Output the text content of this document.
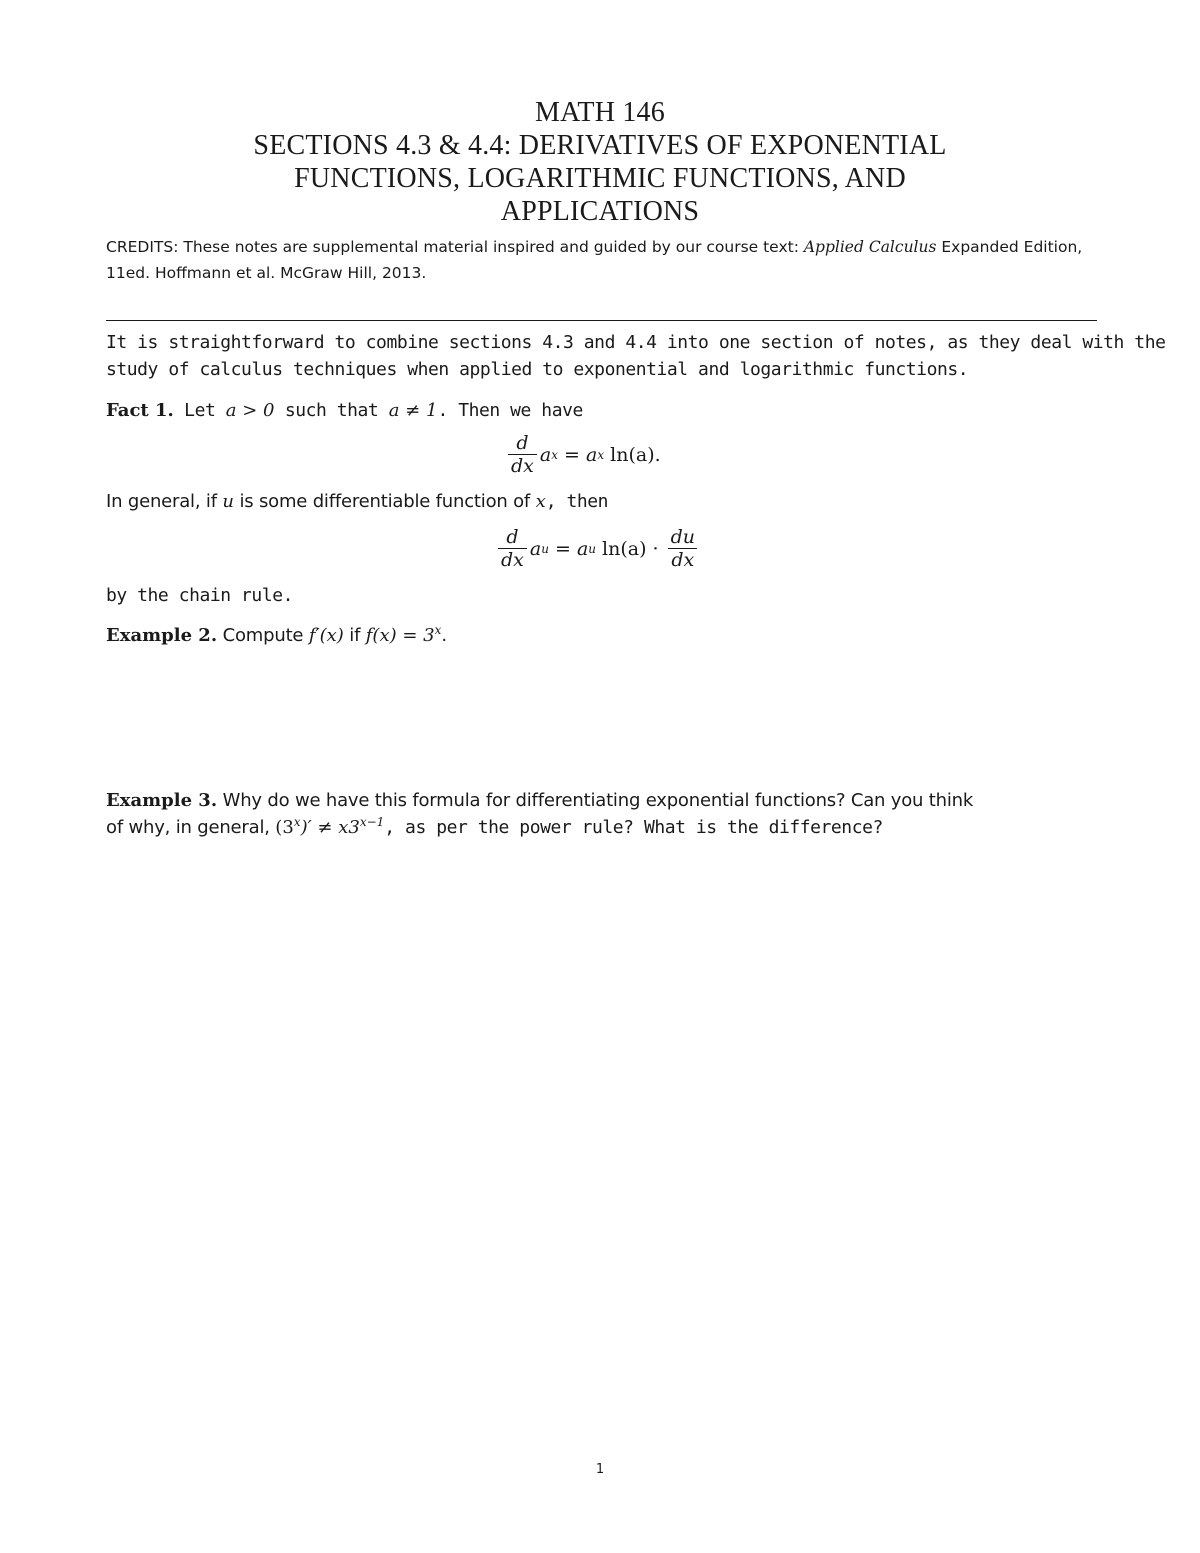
MATH 146
SECTIONS 4.3 & 4.4: DERIVATIVES OF EXPONENTIAL
FUNCTIONS, LOGARITHMIC FUNCTIONS, AND
APPLICATIONS
CREDITS: These notes are supplemental material inspired and guided by our course text: Applied Calculus Expanded Edition,
11ed. Hoffmann et al. McGraw Hill, 2013.
It is straightforward to combine sections 4.3 and 4.4 into one section of notes, as they deal with the
study of calculus techniques when applied to exponential and logarithmic functions.
Fact 1. Let a > 0 such that a ≠ 1. Then we have
$\frac{d}{dx}$ a x = a x ln(a).
In general, if u is some differentiable function of x, then
$\frac{d}{dx}$ a u = a u $\ln(a) \cdot \frac{du}{dx}$
by the chain rule.
Example 2. Compute f′(x) if $f(x) = 3^x$.
Example 3. Why do we have this formula for differentiating exponential functions? Can you think
of why, in general, $(3^x)' \ne x3^{x-1}$, as per the power rule? What is the difference?
1
